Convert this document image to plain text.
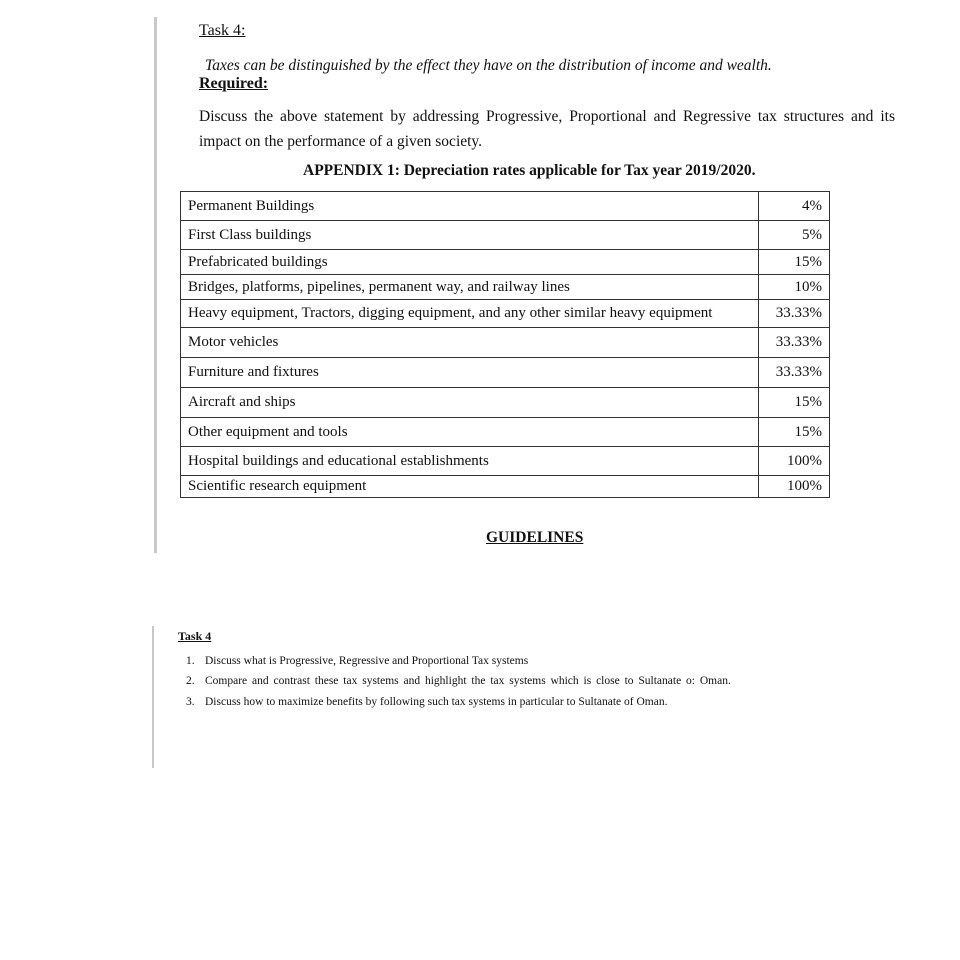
Task 4:
Taxes can be distinguished by the effect they have on the distribution of income and wealth.
Required:
Discuss the above statement by addressing Progressive, Proportional and Regressive tax structures and its impact on the performance of a given society.
APPENDIX 1: Depreciation rates applicable for Tax year 2019/2020.
Permanent Buildings	4%
First Class buildings	5%
Prefabricated buildings	15%
Bridges, platforms, pipelines, permanent way, and railway lines	10%
Heavy equipment, Tractors, digging equipment, and any other similar heavy equipment	33.33%
Motor vehicles	33.33%
Furniture and fixtures	33.33%
Aircraft and ships	15%
Other equipment and tools	15%
Hospital buildings and educational establishments	100%
Scientific research equipment	100%
GUIDELINES
Task 4
1. Discuss what is Progressive, Regressive and Proportional Tax systems
2. Compare and contrast these tax systems and highlight the tax systems which is close to Sultanate o: Oman.
3. Discuss how to maximize benefits by following such tax systems in particular to Sultanate of Oman.
